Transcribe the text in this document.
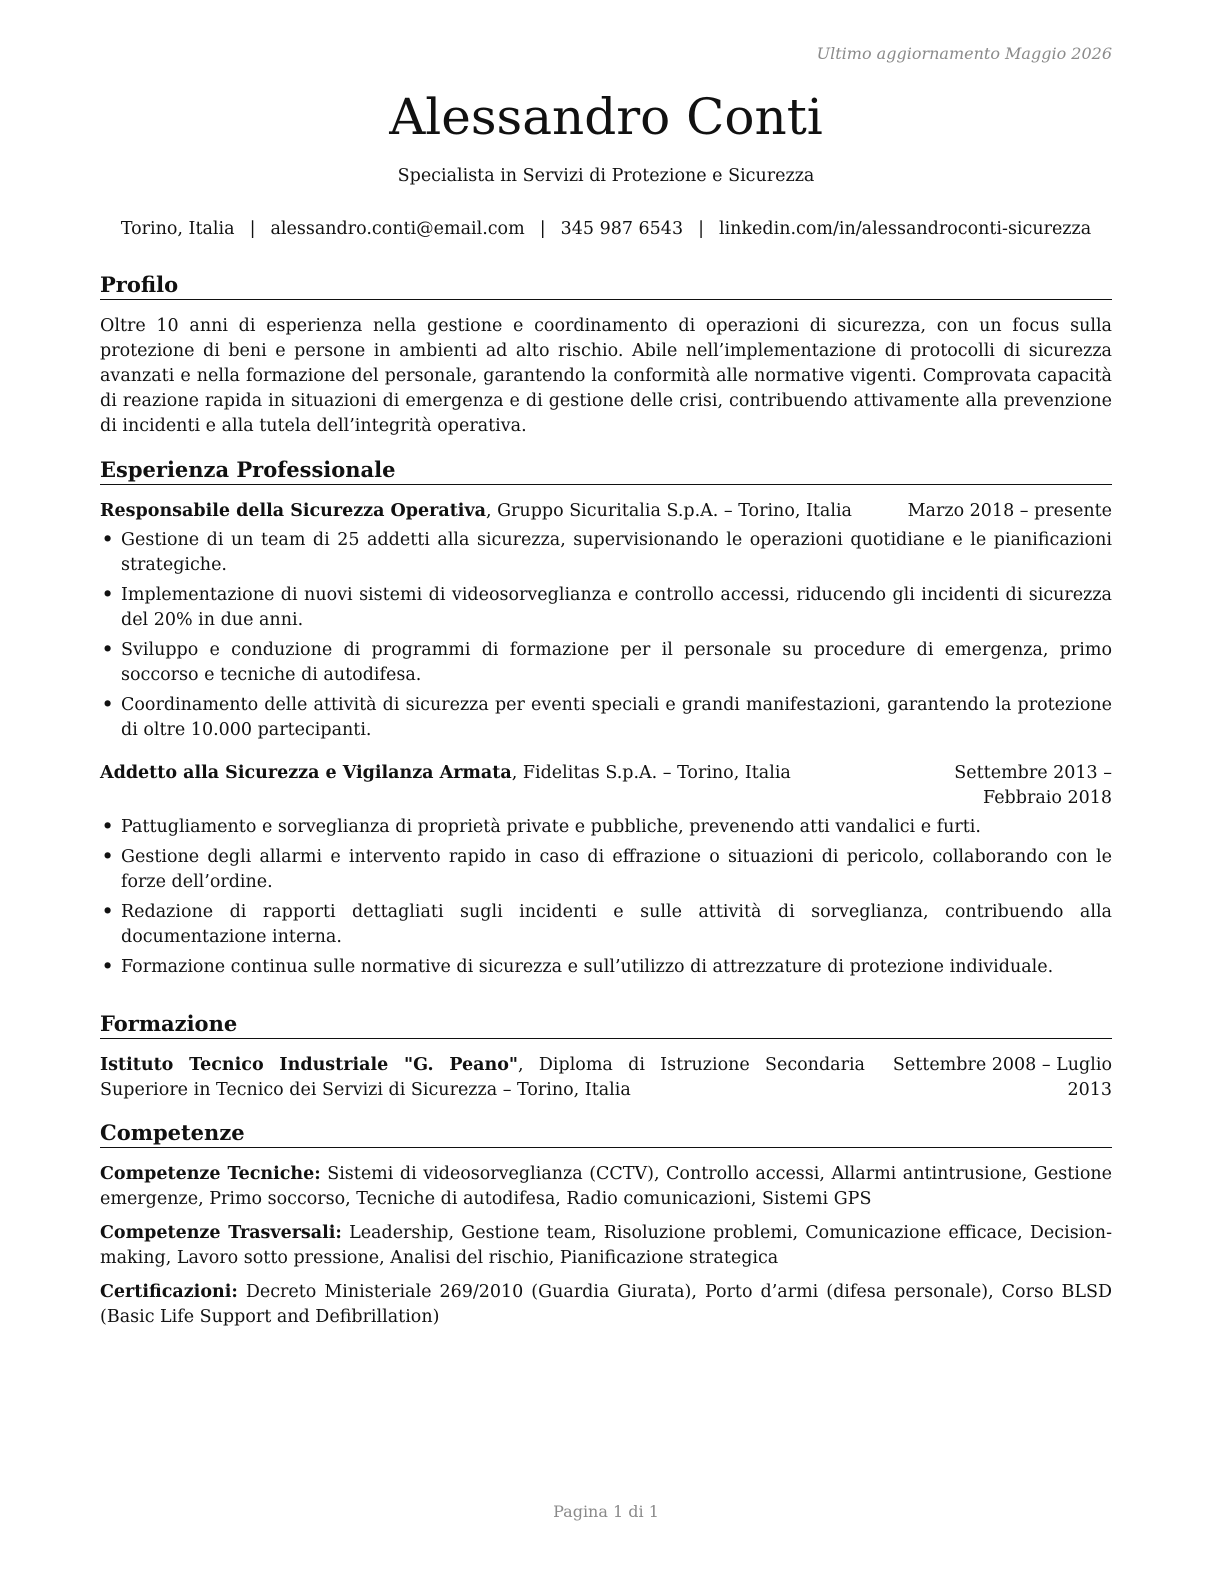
Ultimo aggiornamento Maggio 2026
Alessandro Conti
Specialista in Servizi di Protezione e Sicurezza
Torino, Italia | alessandro.conti@email.com | 345 987 6543 | linkedin.com/in/alessandroconti-sicurezza
Profilo

Oltre 10 anni di esperienza nella gestione e coordinamento di operazioni di sicurezza, con un focus sulla protezione di beni e persone in ambienti ad alto rischio. Abile nell’implementazione di protocolli di sicurezza avanzati e nella formazione del personale, garantendo la conformità alle normative vigenti. Comprovata capacità di reazione rapida in situazioni di emergenza e di gestione delle crisi, contribuendo attivamente alla prevenzione di incidenti e alla tutela dell’integrità operativa.

Esperienza Professionale
Responsabile della Sicurezza Operativa, Gruppo Sicuritalia S.p.A. – Torino, Italia	Marzo 2018 – presente
• Gestione di un team di 25 addetti alla sicurezza, supervisionando le operazioni quotidiane e le pianificazioni strategiche.
• Implementazione di nuovi sistemi di videosorveglianza e controllo accessi, riducendo gli incidenti di sicurezza del 20% in due anni.
• Sviluppo e conduzione di programmi di formazione per il personale su procedure di emergenza, primo soccorso e tecniche di autodifesa.
• Coordinamento delle attività di sicurezza per eventi speciali e grandi manifestazioni, garantendo la protezione di oltre 10.000 partecipanti.
Addetto alla Sicurezza e Vigilanza Armata, Fidelitas S.p.A. – Torino, Italia	Settembre 2013 – Febbraio 2018
• Pattugliamento e sorveglianza di proprietà private e pubbliche, prevenendo atti vandalici e furti.
• Gestione degli allarmi e intervento rapido in caso di effrazione o situazioni di pericolo, collaborando con le forze dell’ordine.
• Redazione di rapporti dettagliati sugli incidenti e sulle attività di sorveglianza, contribuendo alla documentazione interna.
• Formazione continua sulle normative di sicurezza e sull’utilizzo di attrezzature di protezione individuale.
Formazione
Istituto Tecnico Industriale "G. Peano", Diploma di Istruzione Secondaria Superiore in Tecnico dei Servizi di Sicurezza – Torino, Italia
Settembre 2008 – Luglio 2013
Competenze
Competenze Tecniche: Sistemi di videosorveglianza (CCTV), Controllo accessi, Allarmi antintrusione, Gestione emergenze, Primo soccorso, Tecniche di autodifesa, Radio comunicazioni, Sistemi GPS
Competenze Trasversali: Leadership, Gestione team, Risoluzione problemi, Comunicazione efficace, Decision-making, Lavoro sotto pressione, Analisi del rischio, Pianificazione strategica
Certificazioni: Decreto Ministeriale 269/2010 (Guardia Giurata), Porto d’armi (difesa personale), Corso BLSD (Basic Life Support and Defibrillation)
Pagina 1 di 1
